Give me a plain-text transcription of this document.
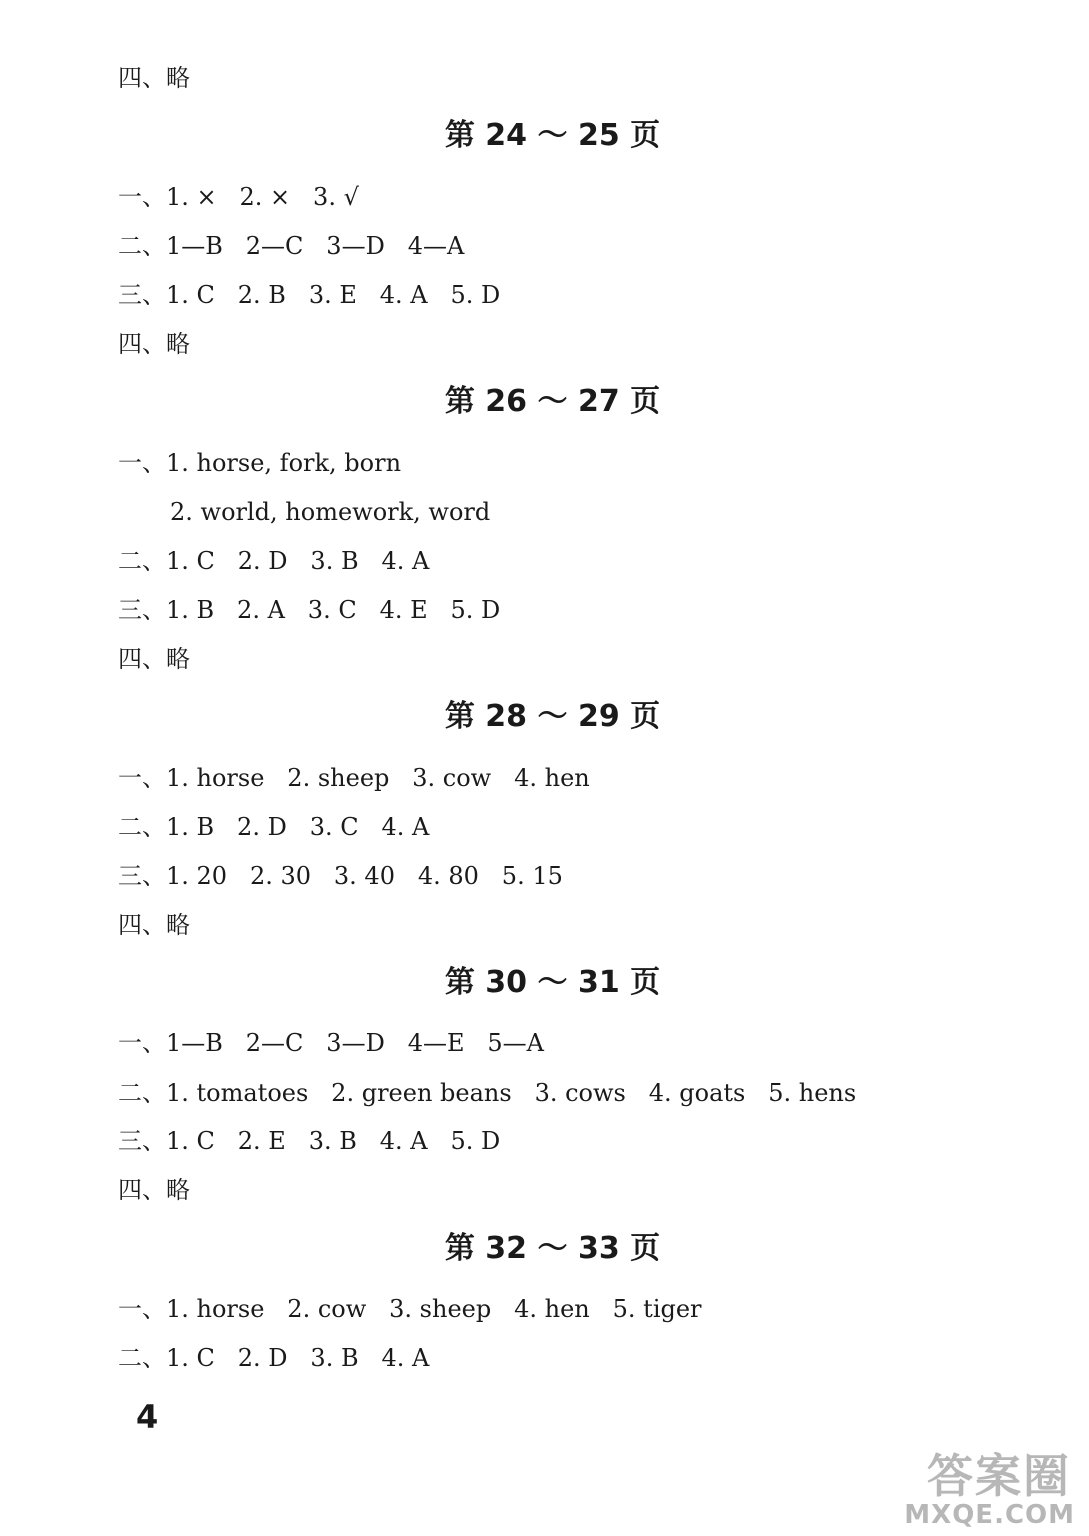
四、略
第 24 ～ 25 页
一、1. ×   2. ×   3. √
二、1—B   2—C   3—D   4—A
三、1. C   2. B   3. E   4. A   5. D
四、略
第 26 ～ 27 页
一、1. horse, fork, born
2. world, homework, word
二、1. C   2. D   3. B   4. A
三、1. B   2. A   3. C   4. E   5. D
四、略
第 28 ～ 29 页
一、1. horse   2. sheep   3. cow   4. hen
二、1. B   2. D   3. C   4. A
三、1. 20   2. 30   3. 40   4. 80   5. 15
四、略
第 30 ～ 31 页
一、1—B   2—C   3—D   4—E   5—A
二、1. tomatoes   2. green beans   3. cows   4. goats   5. hens
三、1. C   2. E   3. B   4. A   5. D
四、略
第 32 ～ 33 页
一、1. horse   2. cow   3. sheep   4. hen   5. tiger
二、1. C   2. D   3. B   4. A
4
答案圈
MXQE.COM
